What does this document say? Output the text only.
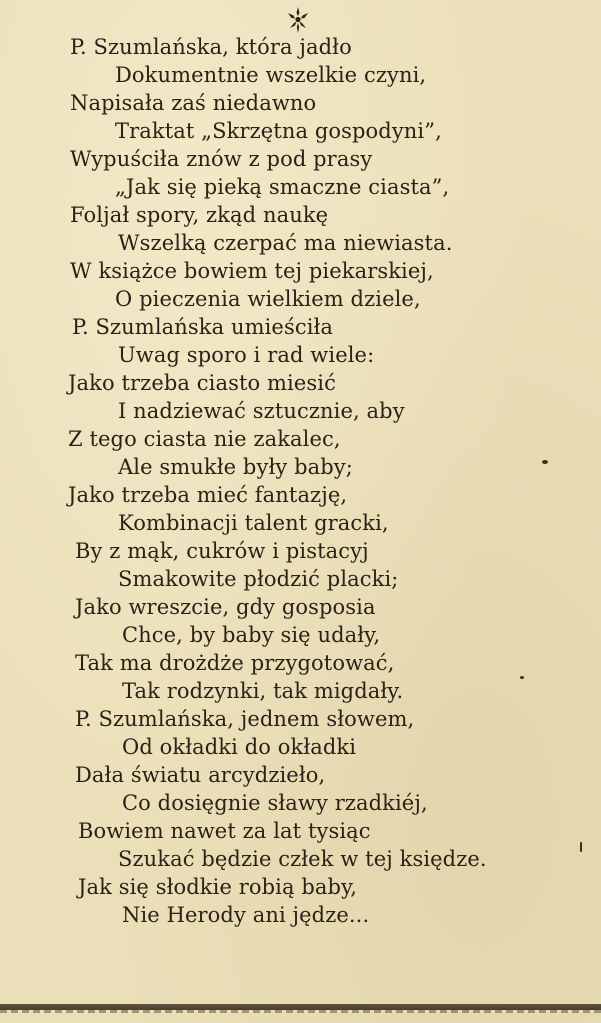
P. Szumlańska, która jadło
Dokumentnie wszelkie czyni,
Napisała zaś niedawno
Traktat „Skrzętna gospodyni”,
Wypuściła znów z pod prasy
„Jak się pieką smaczne ciasta”,
Foljał spory, zkąd naukę
Wszelką czerpać ma niewiasta.
W książce bowiem tej piekarskiej,
O pieczenia wielkiem dziele,
P. Szumlańska umieściła
Uwag sporo i rad wiele:
Jako trzeba ciasto miesić
I nadziewać sztucznie, aby
Z tego ciasta nie zakalec,
Ale smukłe były baby;
Jako trzeba mieć fantazję,
Kombinacji talent gracki,
By z mąk, cukrów i pistacyj
Smakowite płodzić placki;
Jako wreszcie, gdy gosposia
Chce, by baby się udały,
Tak ma drożdże przygotować,
Tak rodzynki, tak migdały.
P. Szumlańska, jednem słowem,
Od okładki do okładki
Dała światu arcydzieło,
Co dosięgnie sławy rzadkiéj,
Bowiem nawet za lat tysiąc
Szukać będzie człek w tej księdze.
Jak się słodkie robią baby,
Nie Herody ani jędze...
